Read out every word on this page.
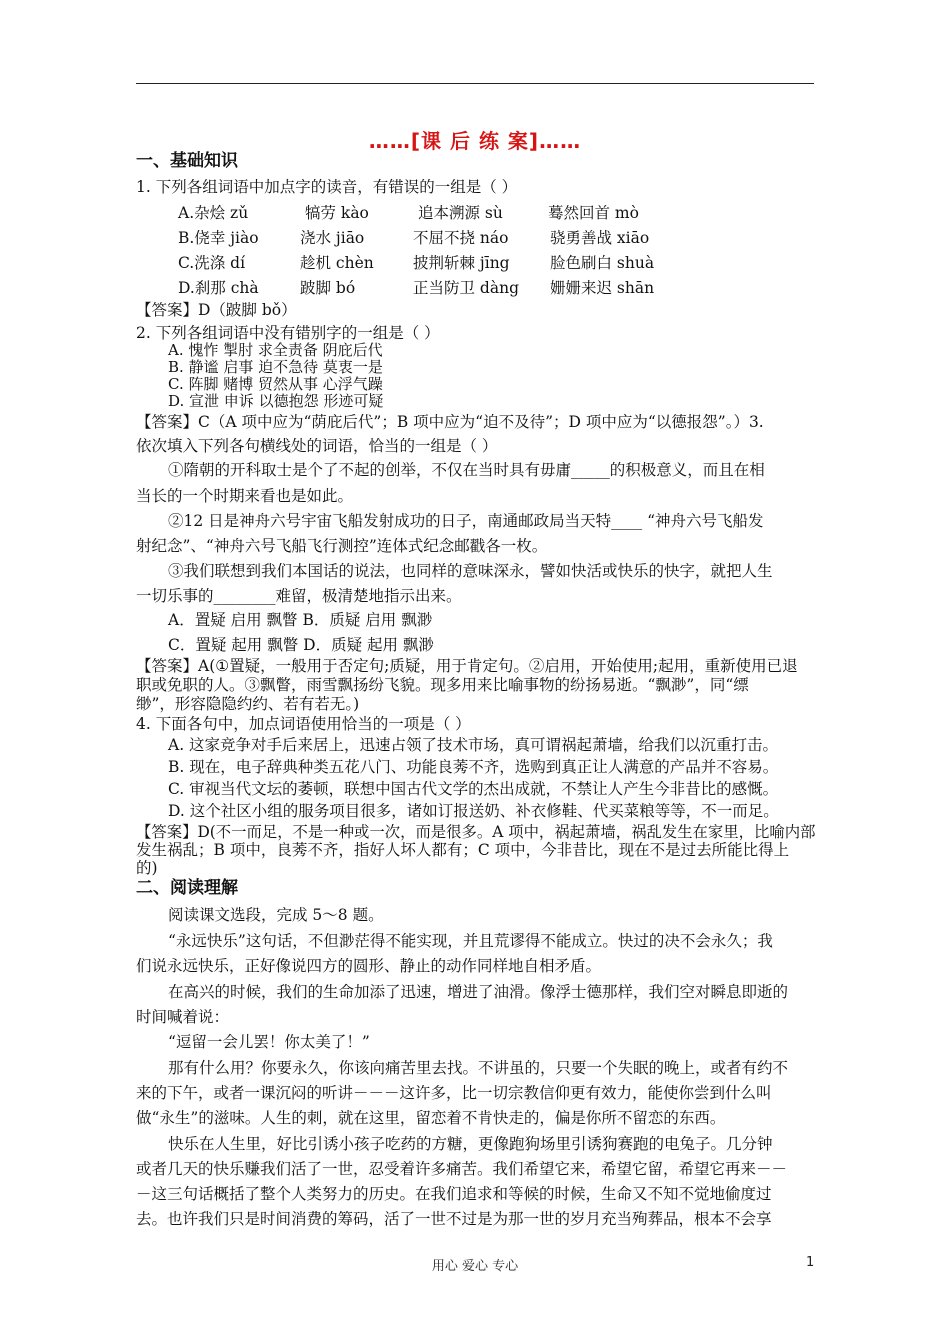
……[课 后 练 案]……
一、基础知识
1. 下列各组词语中加点字的读音，有错误的一组是（ ）
A.杂烩 zǔ	犒劳 kào	追本溯源 sù	蓦然回首 mò
B.侥幸 jiào	浇水 jiāo	不屈不挠 náo	骁勇善战 xiāo
C.洗涤 dí	趁机 chèn	披荆斩棘 jīng	脸色刷白 shuà
D.刹那 chà	跛脚 bó	正当防卫 dàng 姗姗来迟 shān
【答案】D（跛脚 bǒ）
2. 下列各组词语中没有错别字的一组是（ ）
A. 愧怍 掣肘 求全责备 阴庇后代
B. 静谧 启事 迫不急待 莫衷一是
C. 阵脚 赌博 贸然从事 心浮气躁
D. 宣泄 申诉 以德抱怨 形迹可疑
【答案】C（A 项中应为“荫庇后代”；B 项中应为“迫不及待”；D 项中应为“以德报怨”。）3.
依次填入下列各句横线处的词语，恰当的一组是（ ）
①隋朝的开科取士是个了不起的创举，不仅在当时具有毋庸_____的积极意义，而且在相
当长的一个时期来看也是如此。
②12 日是神舟六号宇宙飞船发射成功的日子，南通邮政局当天特____ “神舟六号飞船发
射纪念”、“神舟六号飞船飞行测控”连体式纪念邮戳各一枚。
③我们联想到我们本国话的说法，也同样的意味深永，譬如快活或快乐的快字，就把人生
一切乐事的________难留，极清楚地指示出来。
A．置疑 启用 飘瞥 B．质疑 启用 飘渺
C．置疑 起用 飘瞥 D．质疑 起用 飘渺
【答案】A(①置疑，一般用于否定句;质疑，用于肯定句。②启用，开始使用;起用，重新使用已退
职或免职的人。③飘瞥，雨雪飘扬纷飞貌。现多用来比喻事物的纷扬易逝。“飘渺”，同“缥
缈”，形容隐隐约约、若有若无。)
4. 下面各句中，加点词语使用恰当的一项是（ ）
A. 这家竞争对手后来居上，迅速占领了技术市场，真可谓祸起萧墙，给我们以沉重打击。
B. 现在，电子辞典种类五花八门、功能良莠不齐，选购到真正让人满意的产品并不容易。
C. 审视当代文坛的萎顿，联想中国古代文学的杰出成就，不禁让人产生今非昔比的感慨。
D. 这个社区小组的服务项目很多，诸如订报送奶、补衣修鞋、代买菜粮等等，不一而足。
【答案】D(不一而足，不是一种或一次，而是很多。A 项中，祸起萧墙，祸乱发生在家里，比喻内部
发生祸乱；B 项中，良莠不齐，指好人坏人都有；C 项中，今非昔比，现在不是过去所能比得上
的)
二、阅读理解
阅读课文选段，完成 5～8 题。
“永远快乐”这句话，不但渺茫得不能实现，并且荒谬得不能成立。快过的决不会永久；我
们说永远快乐，正好像说四方的圆形、静止的动作同样地自相矛盾。
在高兴的时候，我们的生命加添了迅速，增进了油滑。像浮士德那样，我们空对瞬息即逝的
时间喊着说：
“逗留一会儿罢！你太美了！”
那有什么用？你要永久，你该向痛苦里去找。不讲虽的，只要一个失眠的晚上，或者有约不
来的下午，或者一课沉闷的听讲－－－这许多，比一切宗教信仰更有效力，能使你尝到什么叫
做“永生”的滋味。人生的刺，就在这里，留恋着不肯快走的，偏是你所不留恋的东西。
快乐在人生里，好比引诱小孩子吃药的方糖，更像跑狗场里引诱狗赛跑的电兔子。几分钟
或者几天的快乐赚我们活了一世，忍受着许多痛苦。我们希望它来，希望它留，希望它再来－－
－这三句话概括了整个人类努力的历史。在我们追求和等候的时候，生命又不知不觉地偷度过
去。也许我们只是时间消费的筹码，活了一世不过是为那一世的岁月充当殉葬品，根本不会享
用心 爱心 专心	1
